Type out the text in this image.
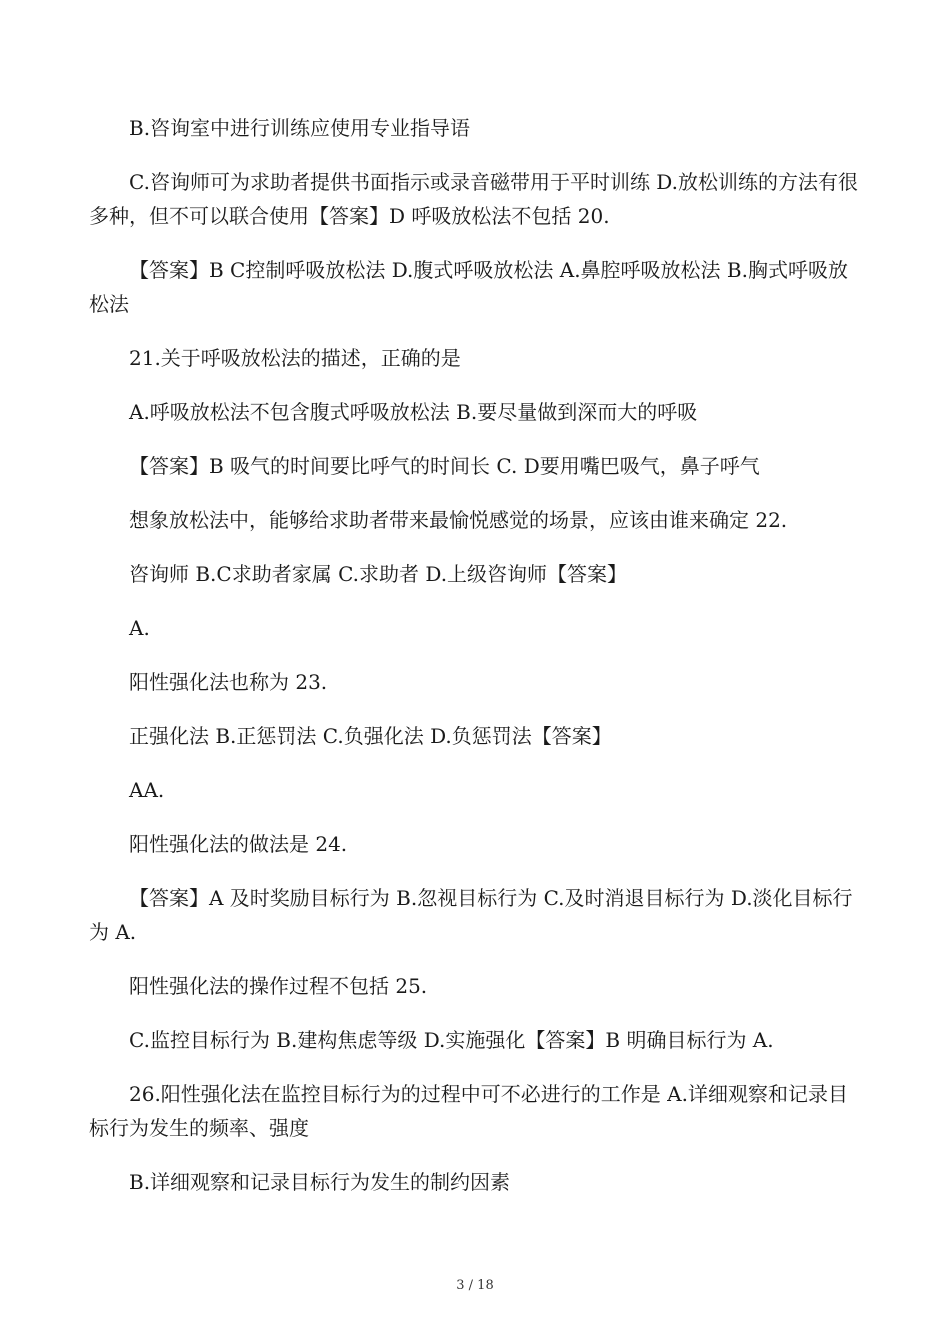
B.咨询室中进行训练应使用专业指导语

C.咨询师可为求助者提供书面指示或录音磁带用于平时训练 D.放松训练的方法有很多种，但不可以联合使用【答案】D 呼吸放松法不包括 20.

【答案】B C控制呼吸放松法 D.腹式呼吸放松法 A.鼻腔呼吸放松法 B.胸式呼吸放松法

21.关于呼吸放松法的描述，正确的是

A.呼吸放松法不包含腹式呼吸放松法 B.要尽量做到深而大的呼吸

【答案】B 吸气的时间要比呼气的时间长 C. D要用嘴巴吸气，鼻子呼气

想象放松法中，能够给求助者带来最愉悦感觉的场景，应该由谁来确定 22.

咨询师 B.C求助者家属 C.求助者 D.上级咨询师【答案】

A.

阳性强化法也称为 23.

正强化法 B.正惩罚法 C.负强化法 D.负惩罚法【答案】

AA.

阳性强化法的做法是 24.

【答案】A 及时奖励目标行为 B.忽视目标行为 C.及时消退目标行为 D.淡化目标行为 A.

阳性强化法的操作过程不包括 25.

C.监控目标行为 B.建构焦虑等级 D.实施强化【答案】B 明确目标行为 A.

26.阳性强化法在监控目标行为的过程中可不必进行的工作是 A.详细观察和记录目标行为发生的频率、强度

B.详细观察和记录目标行为发生的制约因素

3 / 18
